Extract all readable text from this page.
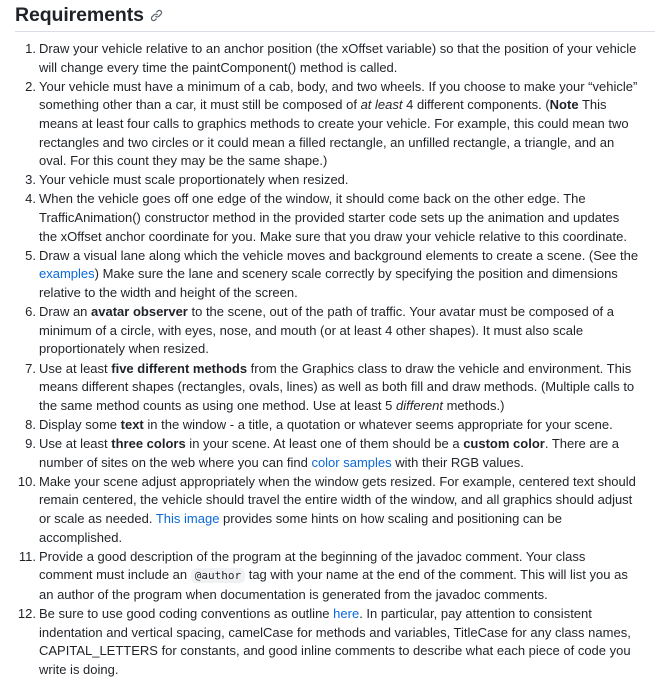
Requirements
1. Draw your vehicle relative to an anchor position (the xOffset variable) so that the position of your vehicle will change every time the paintComponent() method is called.
2. Your vehicle must have a minimum of a cab, body, and two wheels. If you choose to make your “vehicle” something other than a car, it must still be composed of at least 4 different components. (Note This means at least four calls to graphics methods to create your vehicle. For example, this could mean two rectangles and two circles or it could mean a filled rectangle, an unfilled rectangle, a triangle, and an oval. For this count they may be the same shape.)
3. Your vehicle must scale proportionately when resized.
4. When the vehicle goes off one edge of the window, it should come back on the other edge. The TrafficAnimation() constructor method in the provided starter code sets up the animation and updates the xOffset anchor coordinate for you. Make sure that you draw your vehicle relative to this coordinate.
5. Draw a visual lane along which the vehicle moves and background elements to create a scene. (See the examples) Make sure the lane and scenery scale correctly by specifying the position and dimensions relative to the width and height of the screen.
6. Draw an avatar observer to the scene, out of the path of traffic. Your avatar must be composed of a minimum of a circle, with eyes, nose, and mouth (or at least 4 other shapes). It must also scale proportionately when resized.
7. Use at least five different methods from the Graphics class to draw the vehicle and environment. This means different shapes (rectangles, ovals, lines) as well as both fill and draw methods. (Multiple calls to the same method counts as using one method. Use at least 5 different methods.)
8. Display some text in the window - a title, a quotation or whatever seems appropriate for your scene.
9. Use at least three colors in your scene. At least one of them should be a custom color. There are a number of sites on the web where you can find color samples with their RGB values.
10. Make your scene adjust appropriately when the window gets resized. For example, centered text should remain centered, the vehicle should travel the entire width of the window, and all graphics should adjust or scale as needed. This image provides some hints on how scaling and positioning can be accomplished.
11. Provide a good description of the program at the beginning of the javadoc comment. Your class comment must include an @author tag with your name at the end of the comment. This will list you as an author of the program when documentation is generated from the javadoc comments.
12. Be sure to use good coding conventions as outline here. In particular, pay attention to consistent indentation and vertical spacing, camelCase for methods and variables, TitleCase for any class names, CAPITAL_LETTERS for constants, and good inline comments to describe what each piece of code you write is doing.
